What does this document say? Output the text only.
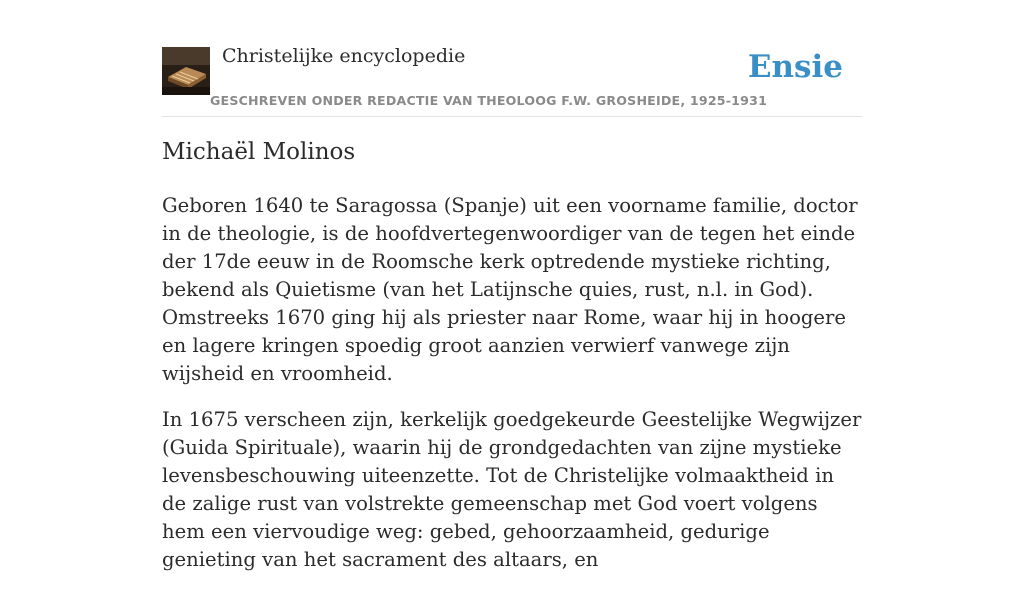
Christelijke encyclopedie
GESCHREVEN ONDER REDACTIE VAN THEOLOOG F.W. GROSHEIDE, 1925-1931
Ensie
Michaël Molinos

Geboren 1640 te Saragossa (Spanje) uit een voorname familie, doctor in de theologie, is de hoofdvertegenwoordiger van de tegen het einde der 17de eeuw in de Roomsche kerk optredende mystieke richting, bekend als Quietisme (van het Latijnsche quies, rust, n.l. in God). Omstreeks 1670 ging hij als priester naar Rome, waar hij in hoogere en lagere kringen spoedig groot aanzien verwierf vanwege zijn wijsheid en vroomheid.

In 1675 verscheen zijn, kerkelijk goedgekeurde Geestelijke Wegwijzer (Guida Spirituale), waarin hij de grondgedachten van zijne mystieke levensbeschouwing uiteenzette. Tot de Christelijke volmaaktheid in de zalige rust van volstrekte gemeenschap met God voert volgens hem een viervoudige weg: gebed, gehoorzaamheid, gedurige genieting van het sacrament des altaars, en
